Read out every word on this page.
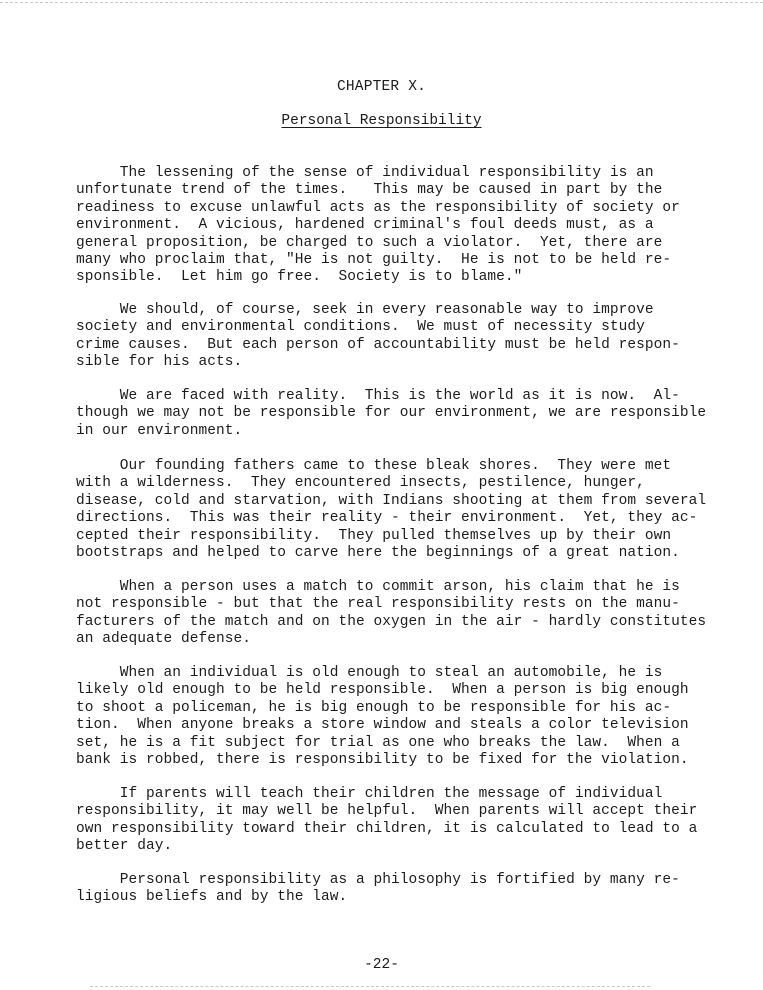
CHAPTER X.
Personal Responsibility

The lessening of the sense of individual responsibility is an
unfortunate trend of the times.   This may be caused in part by the
readiness to excuse unlawful acts as the responsibility of society or
environment.  A vicious, hardened criminal's foul deeds must, as a
general proposition, be charged to such a violator.  Yet, there are
many who proclaim that, "He is not guilty.  He is not to be held re-
sponsible.  Let him go free.  Society is to blame."

We should, of course, seek in every reasonable way to improve
society and environmental conditions.  We must of necessity study
crime causes.  But each person of accountability must be held respon-
sible for his acts.

We are faced with reality.  This is the world as it is now.  Al-
though we may not be responsible for our environment, we are responsible
in our environment.

Our founding fathers came to these bleak shores.  They were met
with a wilderness.  They encountered insects, pestilence, hunger,
disease, cold and starvation, with Indians shooting at them from several
directions.  This was their reality - their environment.  Yet, they ac-
cepted their responsibility.  They pulled themselves up by their own
bootstraps and helped to carve here the beginnings of a great nation.

When a person uses a match to commit arson, his claim that he is
not responsible - but that the real responsibility rests on the manu-
facturers of the match and on the oxygen in the air - hardly constitutes
an adequate defense.

When an individual is old enough to steal an automobile, he is
likely old enough to be held responsible.  When a person is big enough
to shoot a policeman, he is big enough to be responsible for his ac-
tion.  When anyone breaks a store window and steals a color television
set, he is a fit subject for trial as one who breaks the law.  When a
bank is robbed, there is responsibility to be fixed for the violation.

If parents will teach their children the message of individual
responsibility, it may well be helpful.  When parents will accept their
own responsibility toward their children, it is calculated to lead to a
better day.

Personal responsibility as a philosophy is fortified by many re-
ligious beliefs and by the law.

-22-
